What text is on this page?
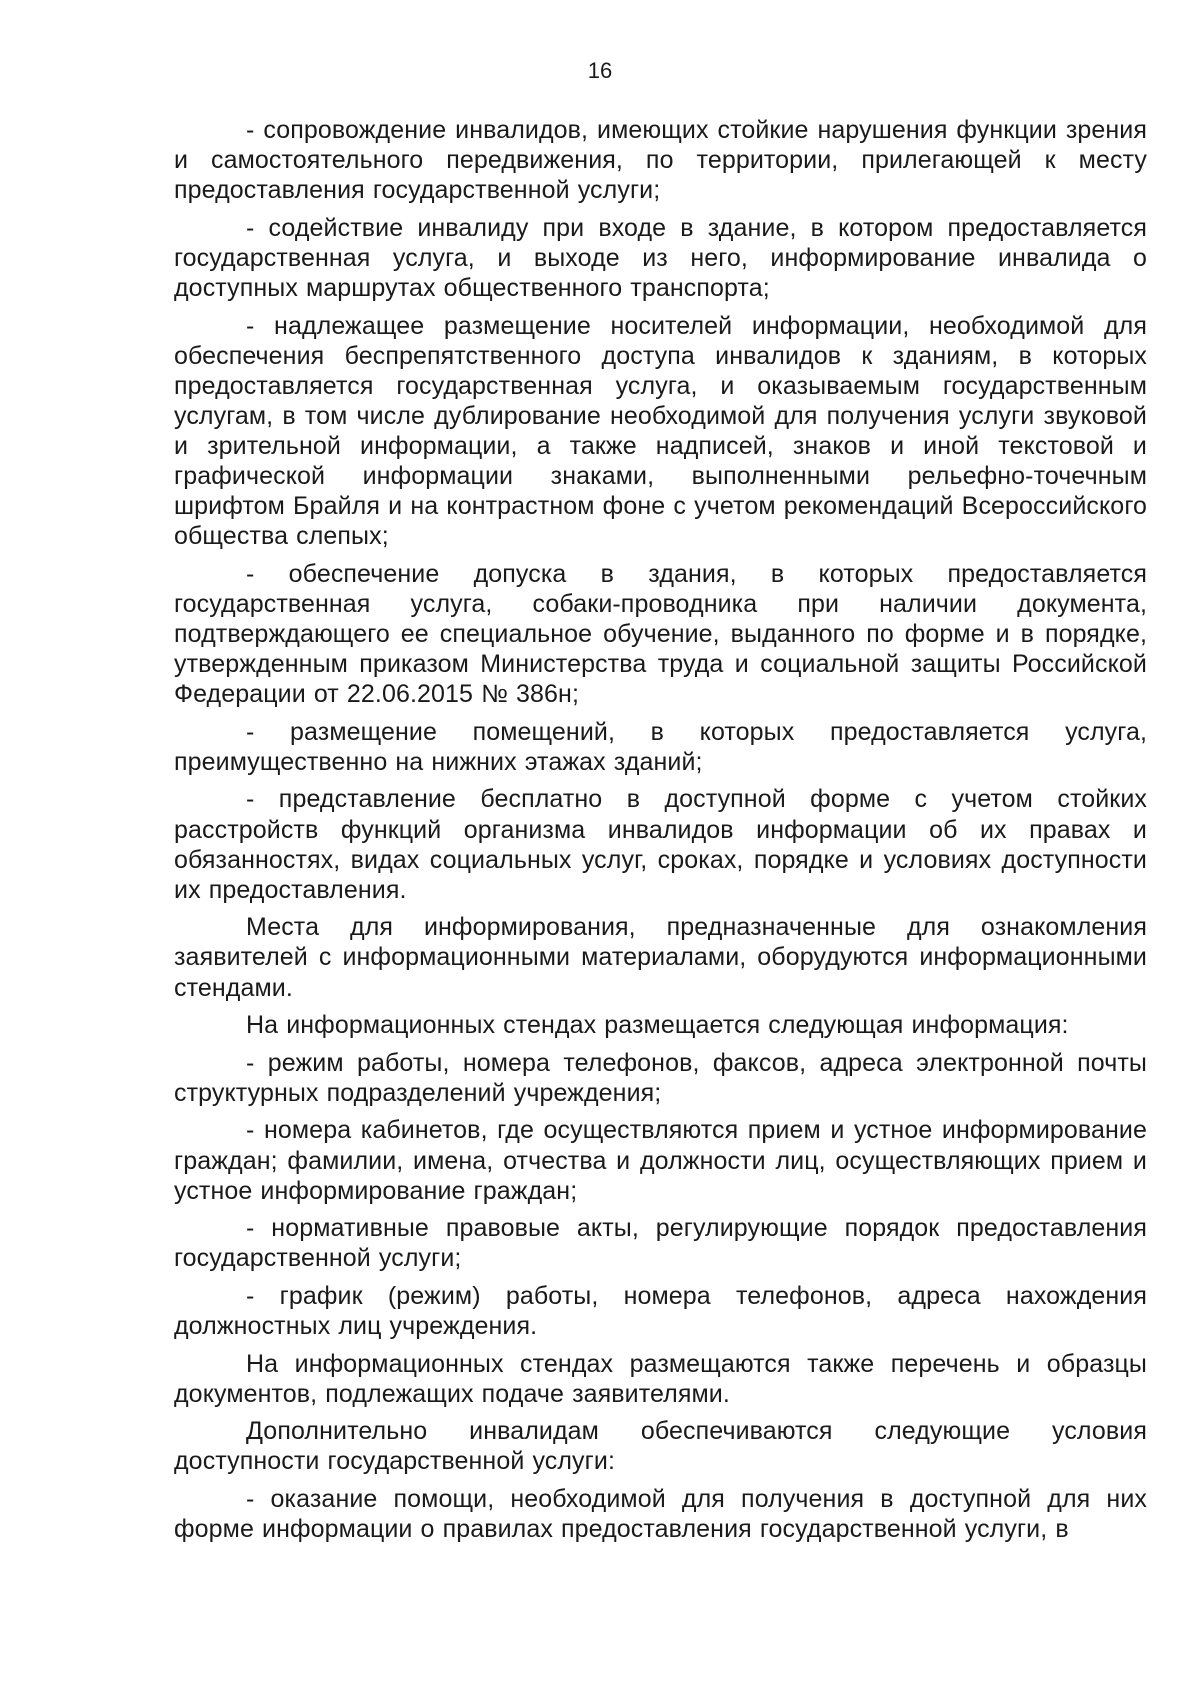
16

- сопровождение инвалидов, имеющих стойкие нарушения функции зрения и самостоятельного передвижения, по территории, прилегающей к месту предоставления государственной услуги;

- содействие инвалиду при входе в здание, в котором предоставляется государственная услуга, и выходе из него, информирование инвалида о доступных маршрутах общественного транспорта;

- надлежащее размещение носителей информации, необходимой для обеспечения беспрепятственного доступа инвалидов к зданиям, в которых предоставляется государственная услуга, и оказываемым государственным услугам, в том числе дублирование необходимой для получения услуги звуковой и зрительной информации, а также надписей, знаков и иной текстовой и графической информации знаками, выполненными рельефно-точечным шрифтом Брайля и на контрастном фоне с учетом рекомендаций Всероссийского общества слепых;

- обеспечение допуска в здания, в которых предоставляется государственная услуга, собаки-проводника при наличии документа, подтверждающего ее специальное обучение, выданного по форме и в порядке, утвержденным приказом Министерства труда и социальной защиты Российской Федерации от 22.06.2015 № 386н;

- размещение помещений, в которых предоставляется услуга, преимущественно на нижних этажах зданий;

- представление бесплатно в доступной форме с учетом стойких расстройств функций организма инвалидов информации об их правах и обязанностях, видах социальных услуг, сроках, порядке и условиях доступности их предоставления.

Места для информирования, предназначенные для ознакомления заявителей с информационными материалами, оборудуются информационными стендами.

На информационных стендах размещается следующая информация:

- режим работы, номера телефонов, факсов, адреса электронной почты структурных подразделений учреждения;

- номера кабинетов, где осуществляются прием и устное информирование граждан; фамилии, имена, отчества и должности лиц, осуществляющих прием и устное информирование граждан;

- нормативные правовые акты, регулирующие порядок предоставления государственной услуги;

- график (режим) работы, номера телефонов, адреса нахождения должностных лиц учреждения.

На информационных стендах размещаются также перечень и образцы документов, подлежащих подаче заявителями.

Дополнительно инвалидам обеспечиваются следующие условия доступности государственной услуги:

- оказание помощи, необходимой для получения в доступной для них форме информации о правилах предоставления государственной услуги, в
